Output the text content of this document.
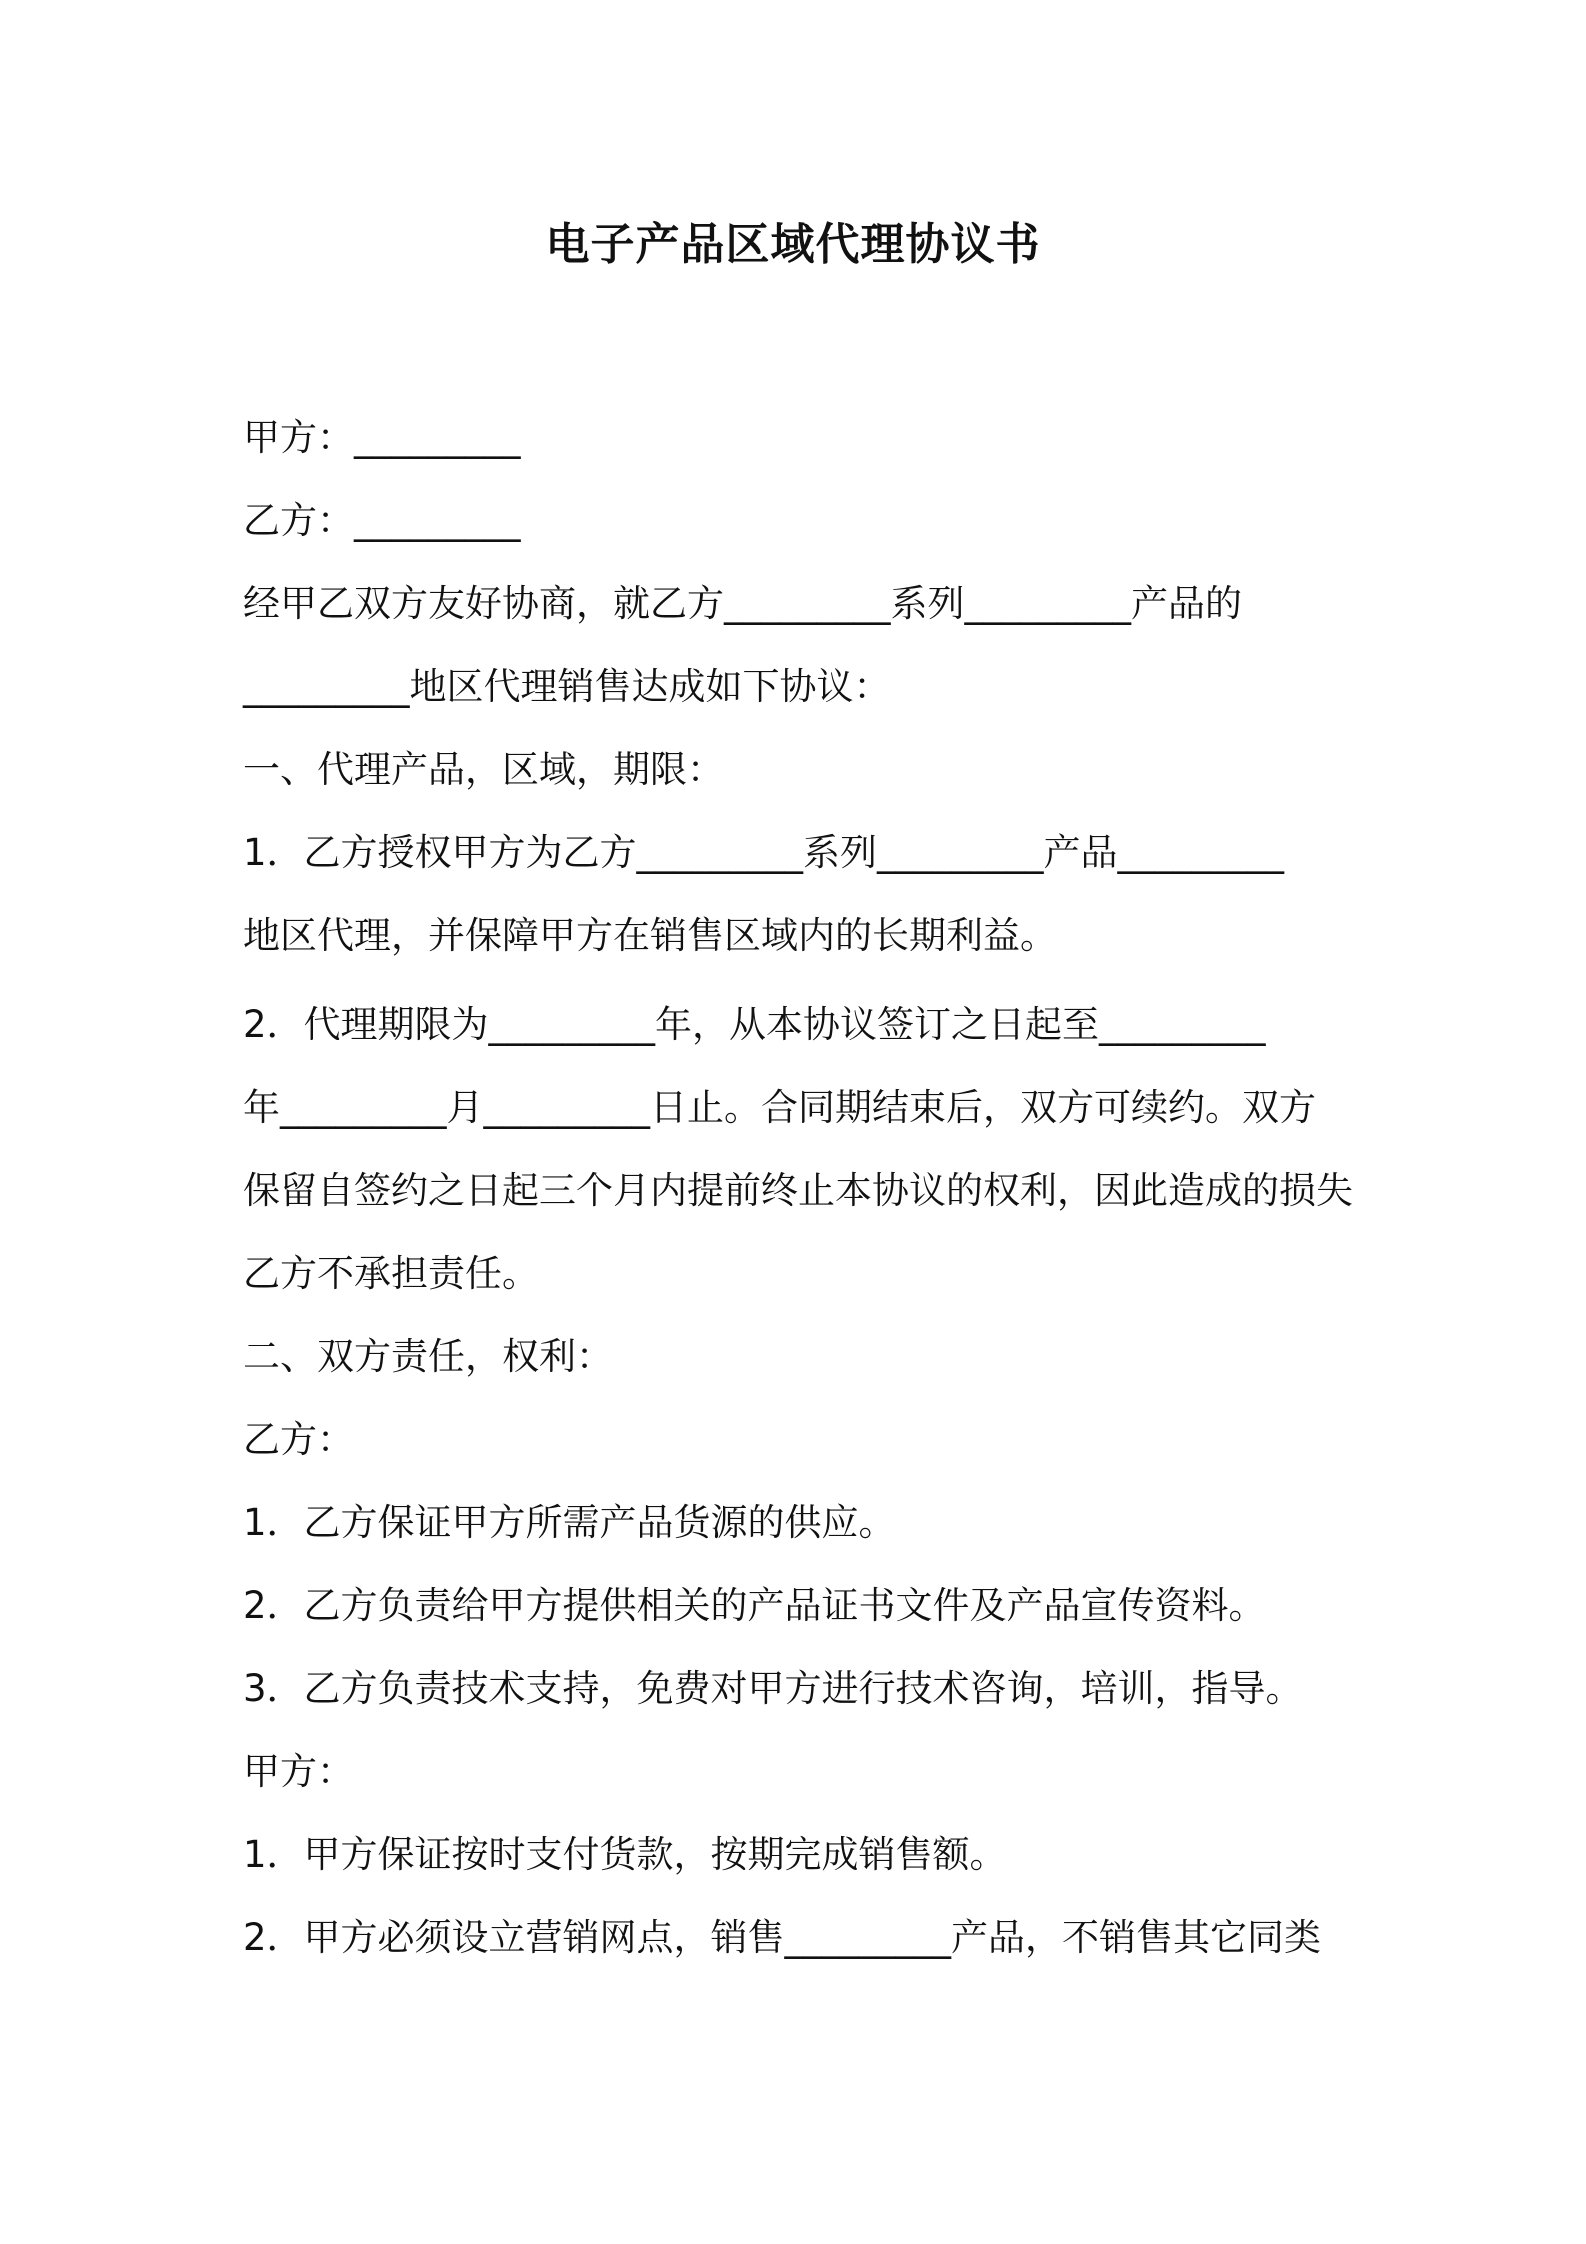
电子产品区域代理协议书
甲方：_________
乙方：_________
经甲乙双方友好协商，就乙方_________系列_________产品的
_________地区代理销售达成如下协议：
一、代理产品，区域，期限：
1．乙方授权甲方为乙方_________系列_________产品_________
地区代理，并保障甲方在销售区域内的长期利益。
2．代理期限为_________年，从本协议签订之日起至_________
年_________月_________日止。合同期结束后，双方可续约。双方
保留自签约之日起三个月内提前终止本协议的权利，因此造成的损失
乙方不承担责任。
二、双方责任，权利：
乙方：
1．乙方保证甲方所需产品货源的供应。
2．乙方负责给甲方提供相关的产品证书文件及产品宣传资料。
3．乙方负责技术支持，免费对甲方进行技术咨询，培训，指导。
甲方：
1．甲方保证按时支付货款，按期完成销售额。
2．甲方必须设立营销网点，销售_________产品，不销售其它同类
